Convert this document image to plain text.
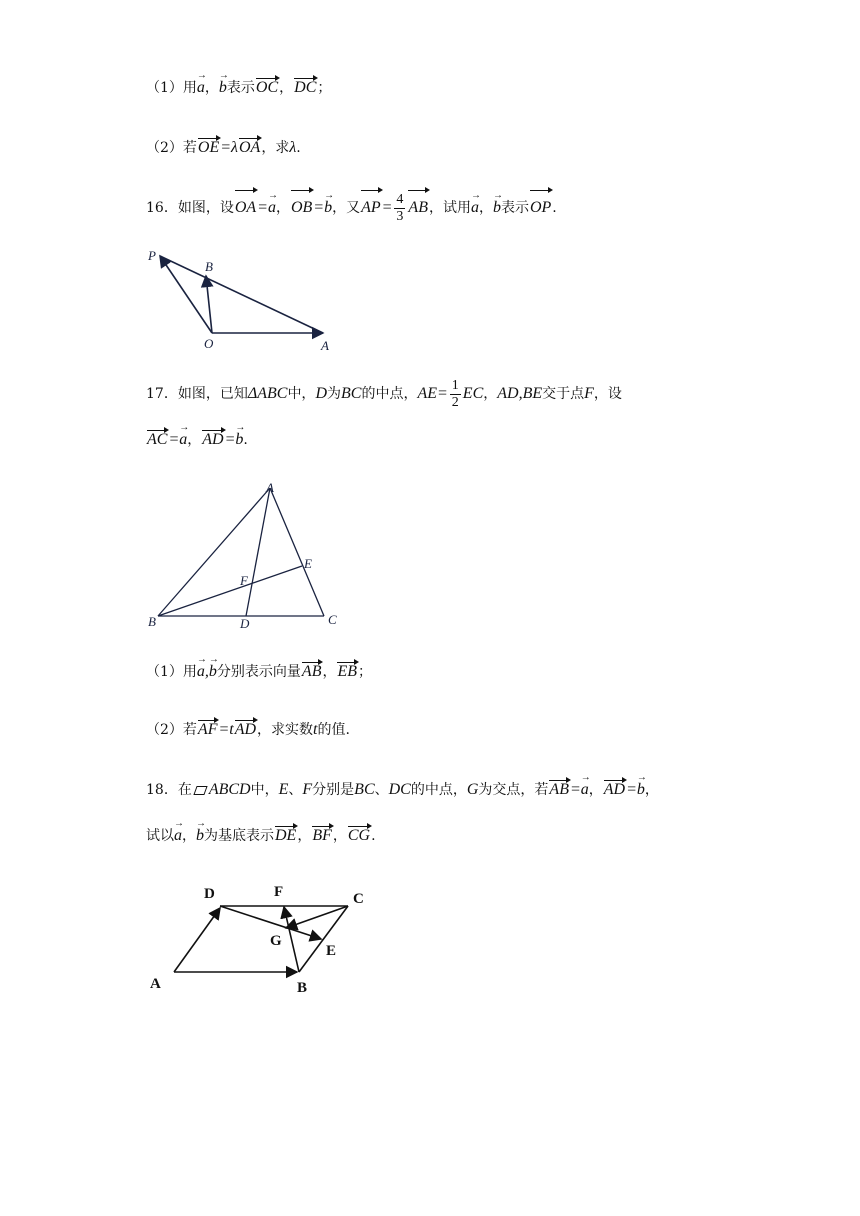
（1）用a →，b →表示OC，DC；
（2）若OE=λOA，求λ.
16．如图，设OA=a →，OB=b →，又$AP= \frac{4}{3}$ AB，试用a →，b →表示OP.
P
B
O	A
17．如图，已知ΔABC中，D为BC的中点，$AE= \frac{1}{2}$ EC，AD,BE交于点F，设
AC=a →，AD=b →.
A
E
F
B	D	C
（1）用a →,b →分别表示向量AB，EB；
（2）若AF=tAD，求实数t的值.
18．在 ABCD中，E、F分别是BC、DC的中点，G为交点，若AB=a →，AD=b →，
试以a →，b →为基底表示DE，BF，CG.
D	F	C
G
E
A	B
